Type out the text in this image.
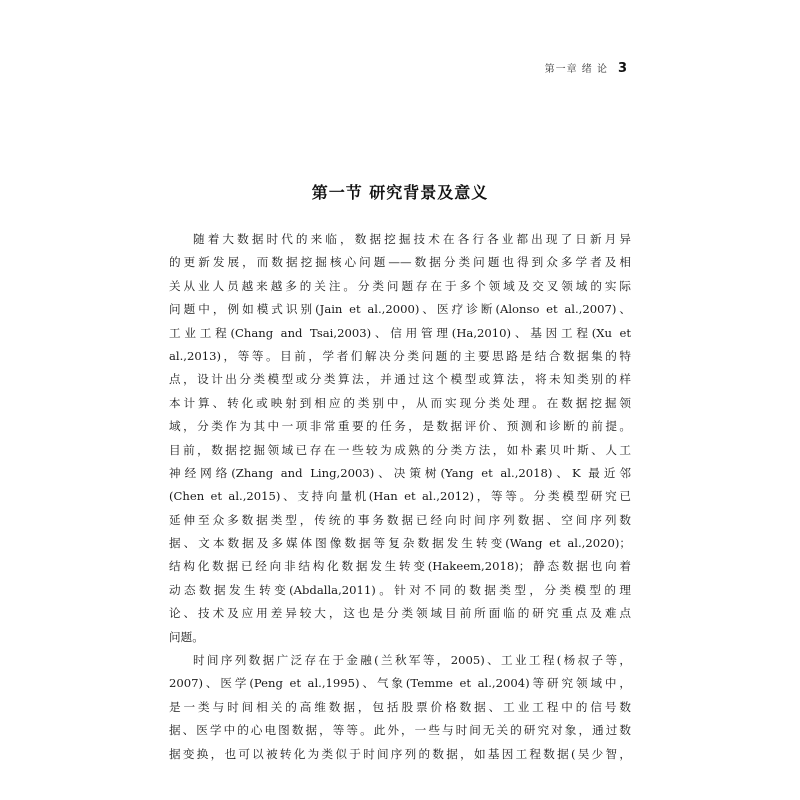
第一章 绪 论 3
第一节 研究背景及意义
随着大数据时代的来临，数据挖掘技术在各行各业都出现了日新月异
的更新发展，而数据挖掘核心问题——数据分类问题也得到众多学者及相
关从业人员越来越多的关注。分类问题存在于多个领域及交叉领域的实际
问题中，例如模式识别(Jain et al.,2000)、医疗诊断(Alonso et al.,2007)、
工业工程(Chang and Tsai,2003)、信用管理(Ha,2010)、基因工程(Xu et
al.,2013)，等等。目前，学者们解决分类问题的主要思路是结合数据集的特
点，设计出分类模型或分类算法，并通过这个模型或算法，将未知类别的样
本计算、转化或映射到相应的类别中，从而实现分类处理。在数据挖掘领
域，分类作为其中一项非常重要的任务，是数据评价、预测和诊断的前提。
目前，数据挖掘领域已存在一些较为成熟的分类方法，如朴素贝叶斯、人工
神经网络(Zhang and Ling,2003)、决策树(Yang et al.,2018)、K 最近邻
(Chen et al.,2015)、支持向量机(Han et al.,2012)，等等。分类模型研究已
延伸至众多数据类型，传统的事务数据已经向时间序列数据、空间序列数
据、文本数据及多媒体图像数据等复杂数据发生转变(Wang et al.,2020)；
结构化数据已经向非结构化数据发生转变(Hakeem,2018)；静态数据也向着
动态数据发生转变(Abdalla,2011)。针对不同的数据类型，分类模型的理
论、技术及应用差异较大，这也是分类领域目前所面临的研究重点及难点
问题。
时间序列数据广泛存在于金融(兰秋军等，2005)、工业工程(杨叔子等，
2007)、医学(Peng et al.,1995)、气象(Temme et al.,2004)等研究领域中，
是一类与时间相关的高维数据，包括股票价格数据、工业工程中的信号数
据、医学中的心电图数据，等等。此外，一些与时间无关的研究对象，通过数
据变换，也可以被转化为类似于时间序列的数据，如基因工程数据(吴少智，
